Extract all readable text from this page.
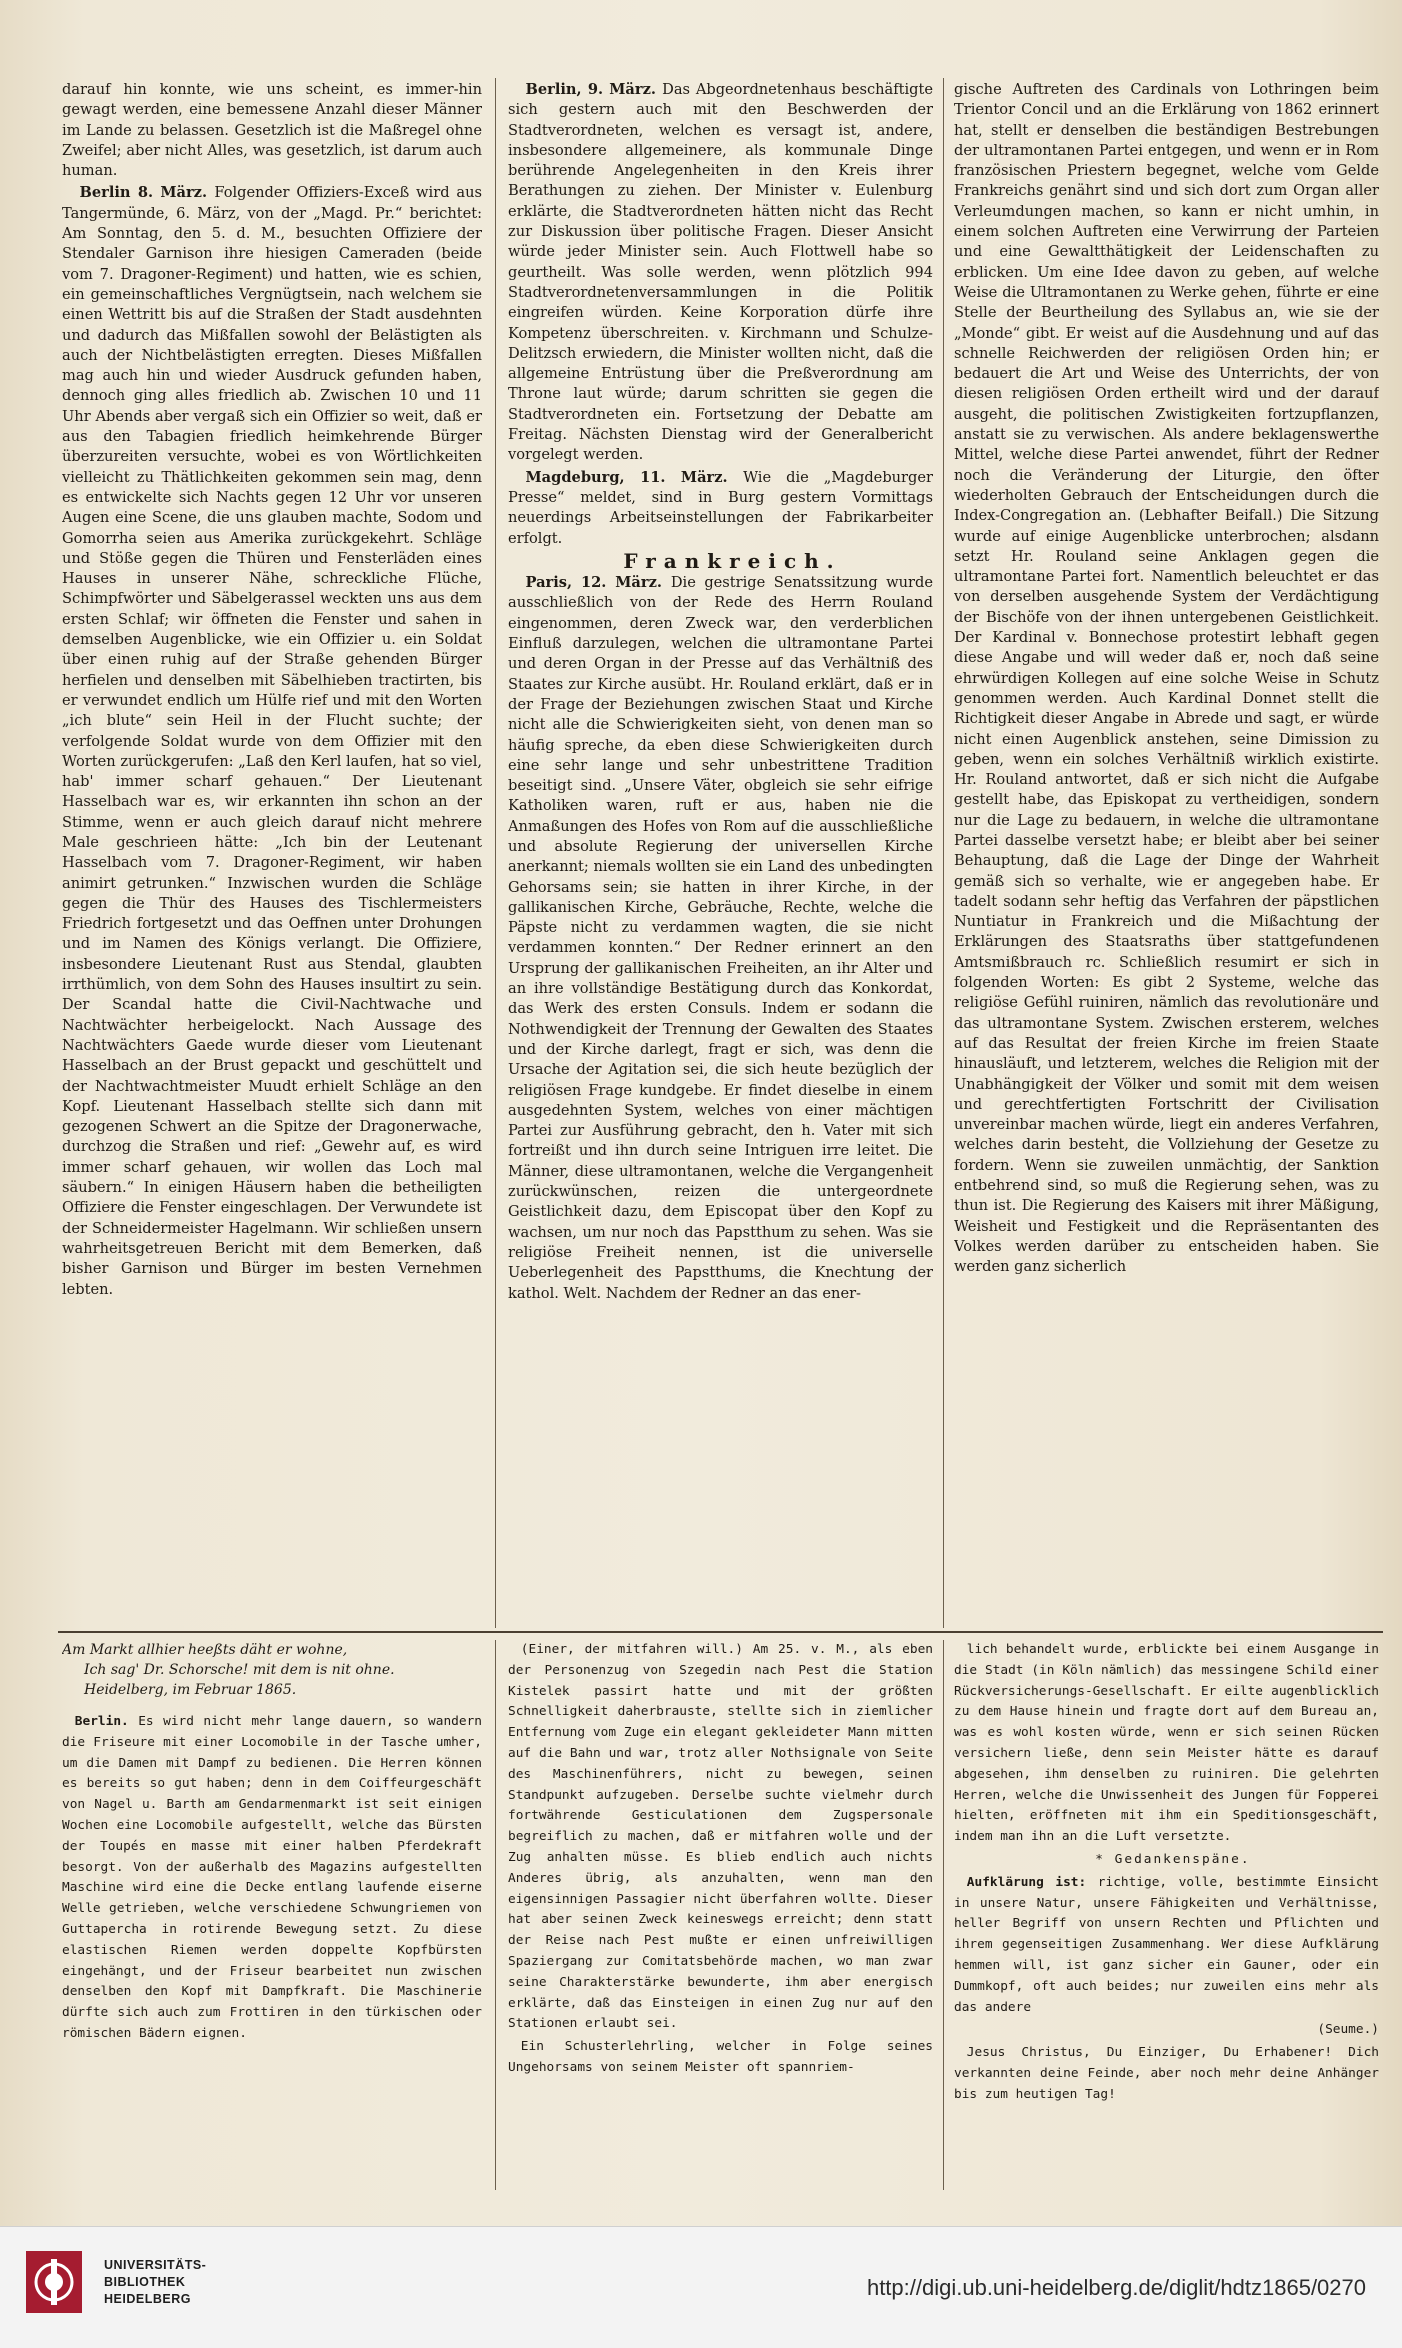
darauf hin konnte, wie uns scheint, es immer-hin gewagt werden, eine bemessene Anzahl dieser Männer im Lande zu belassen. Gesetzlich ist die Maßregel ohne Zweifel; aber nicht Alles, was gesetzlich, ist darum auch human.

Berlin 8. März. Folgender Offiziers-Exceß wird aus Tangermünde, 6. März, von der „Magd. Pr.“ berichtet: Am Sonntag, den 5. d. M., besuchten Offiziere der Stendaler Garnison ihre hiesigen Cameraden (beide vom 7. Dragoner-Regiment) und hatten, wie es schien, ein gemeinschaftliches Vergnügtsein, nach welchem sie einen Wettritt bis auf die Straßen der Stadt ausdehnten und dadurch das Mißfallen sowohl der Belästigten als auch der Nichtbelästigten erregten. Dieses Mißfallen mag auch hin und wieder Ausdruck gefunden haben, dennoch ging alles friedlich ab. Zwischen 10 und 11 Uhr Abends aber vergaß sich ein Offizier so weit, daß er aus den Tabagien friedlich heimkehrende Bürger überzureiten versuchte, wobei es von Wörtlichkeiten vielleicht zu Thätlichkeiten gekommen sein mag, denn es entwickelte sich Nachts gegen 12 Uhr vor unseren Augen eine Scene, die uns glauben machte, Sodom und Gomorrha seien aus Amerika zurückgekehrt. Schläge und Stöße gegen die Thüren und Fensterläden eines Hauses in unserer Nähe, schreckliche Flüche, Schimpfwörter und Säbelgerassel weckten uns aus dem ersten Schlaf; wir öffneten die Fenster und sahen in demselben Augenblicke, wie ein Offizier u. ein Soldat über einen ruhig auf der Straße gehenden Bürger herfielen und denselben mit Säbelhieben tractirten, bis er verwundet endlich um Hülfe rief und mit den Worten „ich blute“ sein Heil in der Flucht suchte; der verfolgende Soldat wurde von dem Offizier mit den Worten zurückgerufen: „Laß den Kerl laufen, hat so viel, hab' immer scharf gehauen.“ Der Lieutenant Hasselbach war es, wir erkannten ihn schon an der Stimme, wenn er auch gleich darauf nicht mehrere Male geschrieen hätte: „Ich bin der Leutenant Hasselbach vom 7. Dragoner-Regiment, wir haben animirt getrunken.“ Inzwischen wurden die Schläge gegen die Thür des Hauses des Tischlermeisters Friedrich fortgesetzt und das Oeffnen unter Drohungen und im Namen des Königs verlangt. Die Offiziere, insbesondere Lieutenant Rust aus Stendal, glaubten irrthümlich, von dem Sohn des Hauses insultirt zu sein. Der Scandal hatte die Civil-Nachtwache und Nachtwächter herbeigelockt. Nach Aussage des Nachtwächters Gaede wurde dieser vom Lieutenant Hasselbach an der Brust gepackt und geschüttelt und der Nachtwachtmeister Muudt erhielt Schläge an den Kopf. Lieutenant Hasselbach stellte sich dann mit gezogenen Schwert an die Spitze der Dragonerwache, durchzog die Straßen und rief: „Gewehr auf, es wird immer scharf gehauen, wir wollen das Loch mal säubern.“ In einigen Häusern haben die betheiligten Offiziere die Fenster eingeschlagen. Der Verwundete ist der Schneidermeister Hagelmann. Wir schließen unsern wahrheitsgetreuen Bericht mit dem Bemerken, daß bisher Garnison und Bürger im besten Vernehmen lebten.

Berlin, 9. März. Das Abgeordnetenhaus beschäftigte sich gestern auch mit den Beschwerden der Stadtverordneten, welchen es versagt ist, andere, insbesondere allgemeinere, als kommunale Dinge berührende Angelegenheiten in den Kreis ihrer Berathungen zu ziehen. Der Minister v. Eulenburg erklärte, die Stadtverordneten hätten nicht das Recht zur Diskussion über politische Fragen. Dieser Ansicht würde jeder Minister sein. Auch Flottwell habe so geurtheilt. Was solle werden, wenn plötzlich 994 Stadtverordnetenversammlungen in die Politik eingreifen würden. Keine Korporation dürfe ihre Kompetenz überschreiten. v. Kirchmann und Schulze-Delitzsch erwiedern, die Minister wollten nicht, daß die allgemeine Entrüstung über die Preßverordnung am Throne laut würde; darum schritten sie gegen die Stadtverordneten ein. Fortsetzung der Debatte am Freitag. Nächsten Dienstag wird der Generalbericht vorgelegt werden.

Magdeburg, 11. März. Wie die „Magdeburger Presse“ meldet, sind in Burg gestern Vormittags neuerdings Arbeitseinstellungen der Fabrikarbeiter erfolgt.

Frankreich.

Paris, 12. März. Die gestrige Senatssitzung wurde ausschließlich von der Rede des Herrn Rouland eingenommen, deren Zweck war, den verderblichen Einfluß darzulegen, welchen die ultramontane Partei und deren Organ in der Presse auf das Verhältniß des Staates zur Kirche ausübt. Hr. Rouland erklärt, daß er in der Frage der Beziehungen zwischen Staat und Kirche nicht alle die Schwierigkeiten sieht, von denen man so häufig spreche, da eben diese Schwierigkeiten durch eine sehr lange und sehr unbestrittene Tradition beseitigt sind. „Unsere Väter, obgleich sie sehr eifrige Katholiken waren, ruft er aus, haben nie die Anmaßungen des Hofes von Rom auf die ausschließliche und absolute Regierung der universellen Kirche anerkannt; niemals wollten sie ein Land des unbedingten Gehorsams sein; sie hatten in ihrer Kirche, in der gallikanischen Kirche, Gebräuche, Rechte, welche die Päpste nicht zu verdammen wagten, die sie nicht verdammen konnten.“ Der Redner erinnert an den Ursprung der gallikanischen Freiheiten, an ihr Alter und an ihre vollständige Bestätigung durch das Konkordat, das Werk des ersten Consuls. Indem er sodann die Nothwendigkeit der Trennung der Gewalten des Staates und der Kirche darlegt, fragt er sich, was denn die Ursache der Agitation sei, die sich heute bezüglich der religiösen Frage kundgebe. Er findet dieselbe in einem ausgedehnten System, welches von einer mächtigen Partei zur Ausführung gebracht, den h. Vater mit sich fortreißt und ihn durch seine Intriguen irre leitet. Die Männer, diese ultramontanen, welche die Vergangenheit zurückwünschen, reizen die untergeordnete Geistlichkeit dazu, dem Episcopat über den Kopf zu wachsen, um nur noch das Papstthum zu sehen. Was sie religiöse Freiheit nennen, ist die universelle Ueberlegenheit des Papstthums, die Knechtung der kathol. Welt. Nachdem der Redner an das ener-

gische Auftreten des Cardinals von Lothringen beim Trientor Concil und an die Erklärung von 1862 erinnert hat, stellt er denselben die beständigen Bestrebungen der ultramontanen Partei entgegen, und wenn er in Rom französischen Priestern begegnet, welche vom Gelde Frankreichs genährt sind und sich dort zum Organ aller Verleumdungen machen, so kann er nicht umhin, in einem solchen Auftreten eine Verwirrung der Parteien und eine Gewaltthätigkeit der Leidenschaften zu erblicken. Um eine Idee davon zu geben, auf welche Weise die Ultramontanen zu Werke gehen, führte er eine Stelle der Beurtheilung des Syllabus an, wie sie der „Monde“ gibt. Er weist auf die Ausdehnung und auf das schnelle Reichwerden der religiösen Orden hin; er bedauert die Art und Weise des Unterrichts, der von diesen religiösen Orden ertheilt wird und der darauf ausgeht, die politischen Zwistigkeiten fortzupflanzen, anstatt sie zu verwischen. Als andere beklagenswerthe Mittel, welche diese Partei anwendet, führt der Redner noch die Veränderung der Liturgie, den öfter wiederholten Gebrauch der Entscheidungen durch die Index-Congregation an. (Lebhafter Beifall.) Die Sitzung wurde auf einige Augenblicke unterbrochen; alsdann setzt Hr. Rouland seine Anklagen gegen die ultramontane Partei fort. Namentlich beleuchtet er das von derselben ausgehende System der Verdächtigung der Bischöfe von der ihnen untergebenen Geistlichkeit. Der Kardinal v. Bonnechose protestirt lebhaft gegen diese Angabe und will weder daß er, noch daß seine ehrwürdigen Kollegen auf eine solche Weise in Schutz genommen werden. Auch Kardinal Donnet stellt die Richtigkeit dieser Angabe in Abrede und sagt, er würde nicht einen Augenblick anstehen, seine Dimission zu geben, wenn ein solches Verhältniß wirklich existirte. Hr. Rouland antwortet, daß er sich nicht die Aufgabe gestellt habe, das Episkopat zu vertheidigen, sondern nur die Lage zu bedauern, in welche die ultramontane Partei dasselbe versetzt habe; er bleibt aber bei seiner Behauptung, daß die Lage der Dinge der Wahrheit gemäß sich so verhalte, wie er angegeben habe. Er tadelt sodann sehr heftig das Verfahren der päpstlichen Nuntiatur in Frankreich und die Mißachtung der Erklärungen des Staatsraths über stattgefundenen Amtsmißbrauch rc. Schließlich resumirt er sich in folgenden Worten: Es gibt 2 Systeme, welche das religiöse Gefühl ruiniren, nämlich das revolutionäre und das ultramontane System. Zwischen ersterem, welches auf das Resultat der freien Kirche im freien Staate hinausläuft, und letzterem, welches die Religion mit der Unabhängigkeit der Völker und somit mit dem weisen und gerechtfertigten Fortschritt der Civilisation unvereinbar machen würde, liegt ein anderes Verfahren, welches darin besteht, die Vollziehung der Gesetze zu fordern. Wenn sie zuweilen unmächtig, der Sanktion entbehrend sind, so muß die Regierung sehen, was zu thun ist. Die Regierung des Kaisers mit ihrer Mäßigung, Weisheit und Festigkeit und die Repräsentanten des Volkes werden darüber zu entscheiden haben. Sie werden ganz sicherlich

Am Markt allhier heeßts däht er wohne,
Ich sag' Dr. Schorsche! mit dem is nit ohne.
Heidelberg, im Februar 1865.

Berlin. Es wird nicht mehr lange dauern, so wandern die Friseure mit einer Locomobile in der Tasche umher, um die Damen mit Dampf zu bedienen. Die Herren können es bereits so gut haben; denn in dem Coiffeurgeschäft von Nagel u. Barth am Gendarmenmarkt ist seit einigen Wochen eine Locomobile aufgestellt, welche das Bürsten der Toupés en masse mit einer halben Pferdekraft besorgt. Von der außerhalb des Magazins aufgestellten Maschine wird eine die Decke entlang laufende eiserne Welle getrieben, welche verschiedene Schwungriemen von Guttapercha in rotirende Bewegung setzt. Zu diese elastischen Riemen werden doppelte Kopfbürsten eingehängt, und der Friseur bearbeitet nun zwischen denselben den Kopf mit Dampfkraft. Die Maschinerie dürfte sich auch zum Frottiren in den türkischen oder römischen Bädern eignen.

(Einer, der mitfahren will.) Am 25. v. M., als eben der Personenzug von Szegedin nach Pest die Station Kistelek passirt hatte und mit der größten Schnelligkeit daherbrauste, stellte sich in ziemlicher Entfernung vom Zuge ein elegant gekleideter Mann mitten auf die Bahn und war, trotz aller Nothsignale von Seite des Maschinenführers, nicht zu bewegen, seinen Standpunkt aufzugeben. Derselbe suchte vielmehr durch fortwährende Gesticulationen dem Zugspersonale begreiflich zu machen, daß er mitfahren wolle und der Zug anhalten müsse. Es blieb endlich auch nichts Anderes übrig, als anzuhalten, wenn man den eigensinnigen Passagier nicht überfahren wollte. Dieser hat aber seinen Zweck keineswegs erreicht; denn statt der Reise nach Pest mußte er einen unfreiwilligen Spaziergang zur Comitatsbehörde machen, wo man zwar seine Charakterstärke bewunderte, ihm aber energisch erklärte, daß das Einsteigen in einen Zug nur auf den Stationen erlaubt sei.

Ein Schusterlehrling, welcher in Folge seines Ungehorsams von seinem Meister oft spannriem-

lich behandelt wurde, erblickte bei einem Ausgange in die Stadt (in Köln nämlich) das messingene Schild einer Rückversicherungs-Gesellschaft. Er eilte augenblicklich zu dem Hause hinein und fragte dort auf dem Bureau an, was es wohl kosten würde, wenn er sich seinen Rücken versichern ließe, denn sein Meister hätte es darauf abgesehen, ihm denselben zu ruiniren. Die gelehrten Herren, welche die Unwissenheit des Jungen für Fopperei hielten, eröffneten mit ihm ein Speditionsgeschäft, indem man ihn an die Luft versetzte.

* Gedankenspäne.

Aufklärung ist: richtige, volle, bestimmte Einsicht in unsere Natur, unsere Fähigkeiten und Verhältnisse, heller Begriff von unsern Rechten und Pflichten und ihrem gegenseitigen Zusammenhang. Wer diese Aufklärung hemmen will, ist ganz sicher ein Gauner, oder ein Dummkopf, oft auch beides; nur zuweilen eins mehr als das andere

(Seume.)

Jesus Christus, Du Einziger, Du Erhabener! Dich verkannten deine Feinde, aber noch mehr deine Anhänger bis zum heutigen Tag!

UNIVERSITÄTS-
BIBLIOTHEK
HEIDELBERG	http://digi.ub.uni-heidelberg.de/diglit/hdtz1865/0270
